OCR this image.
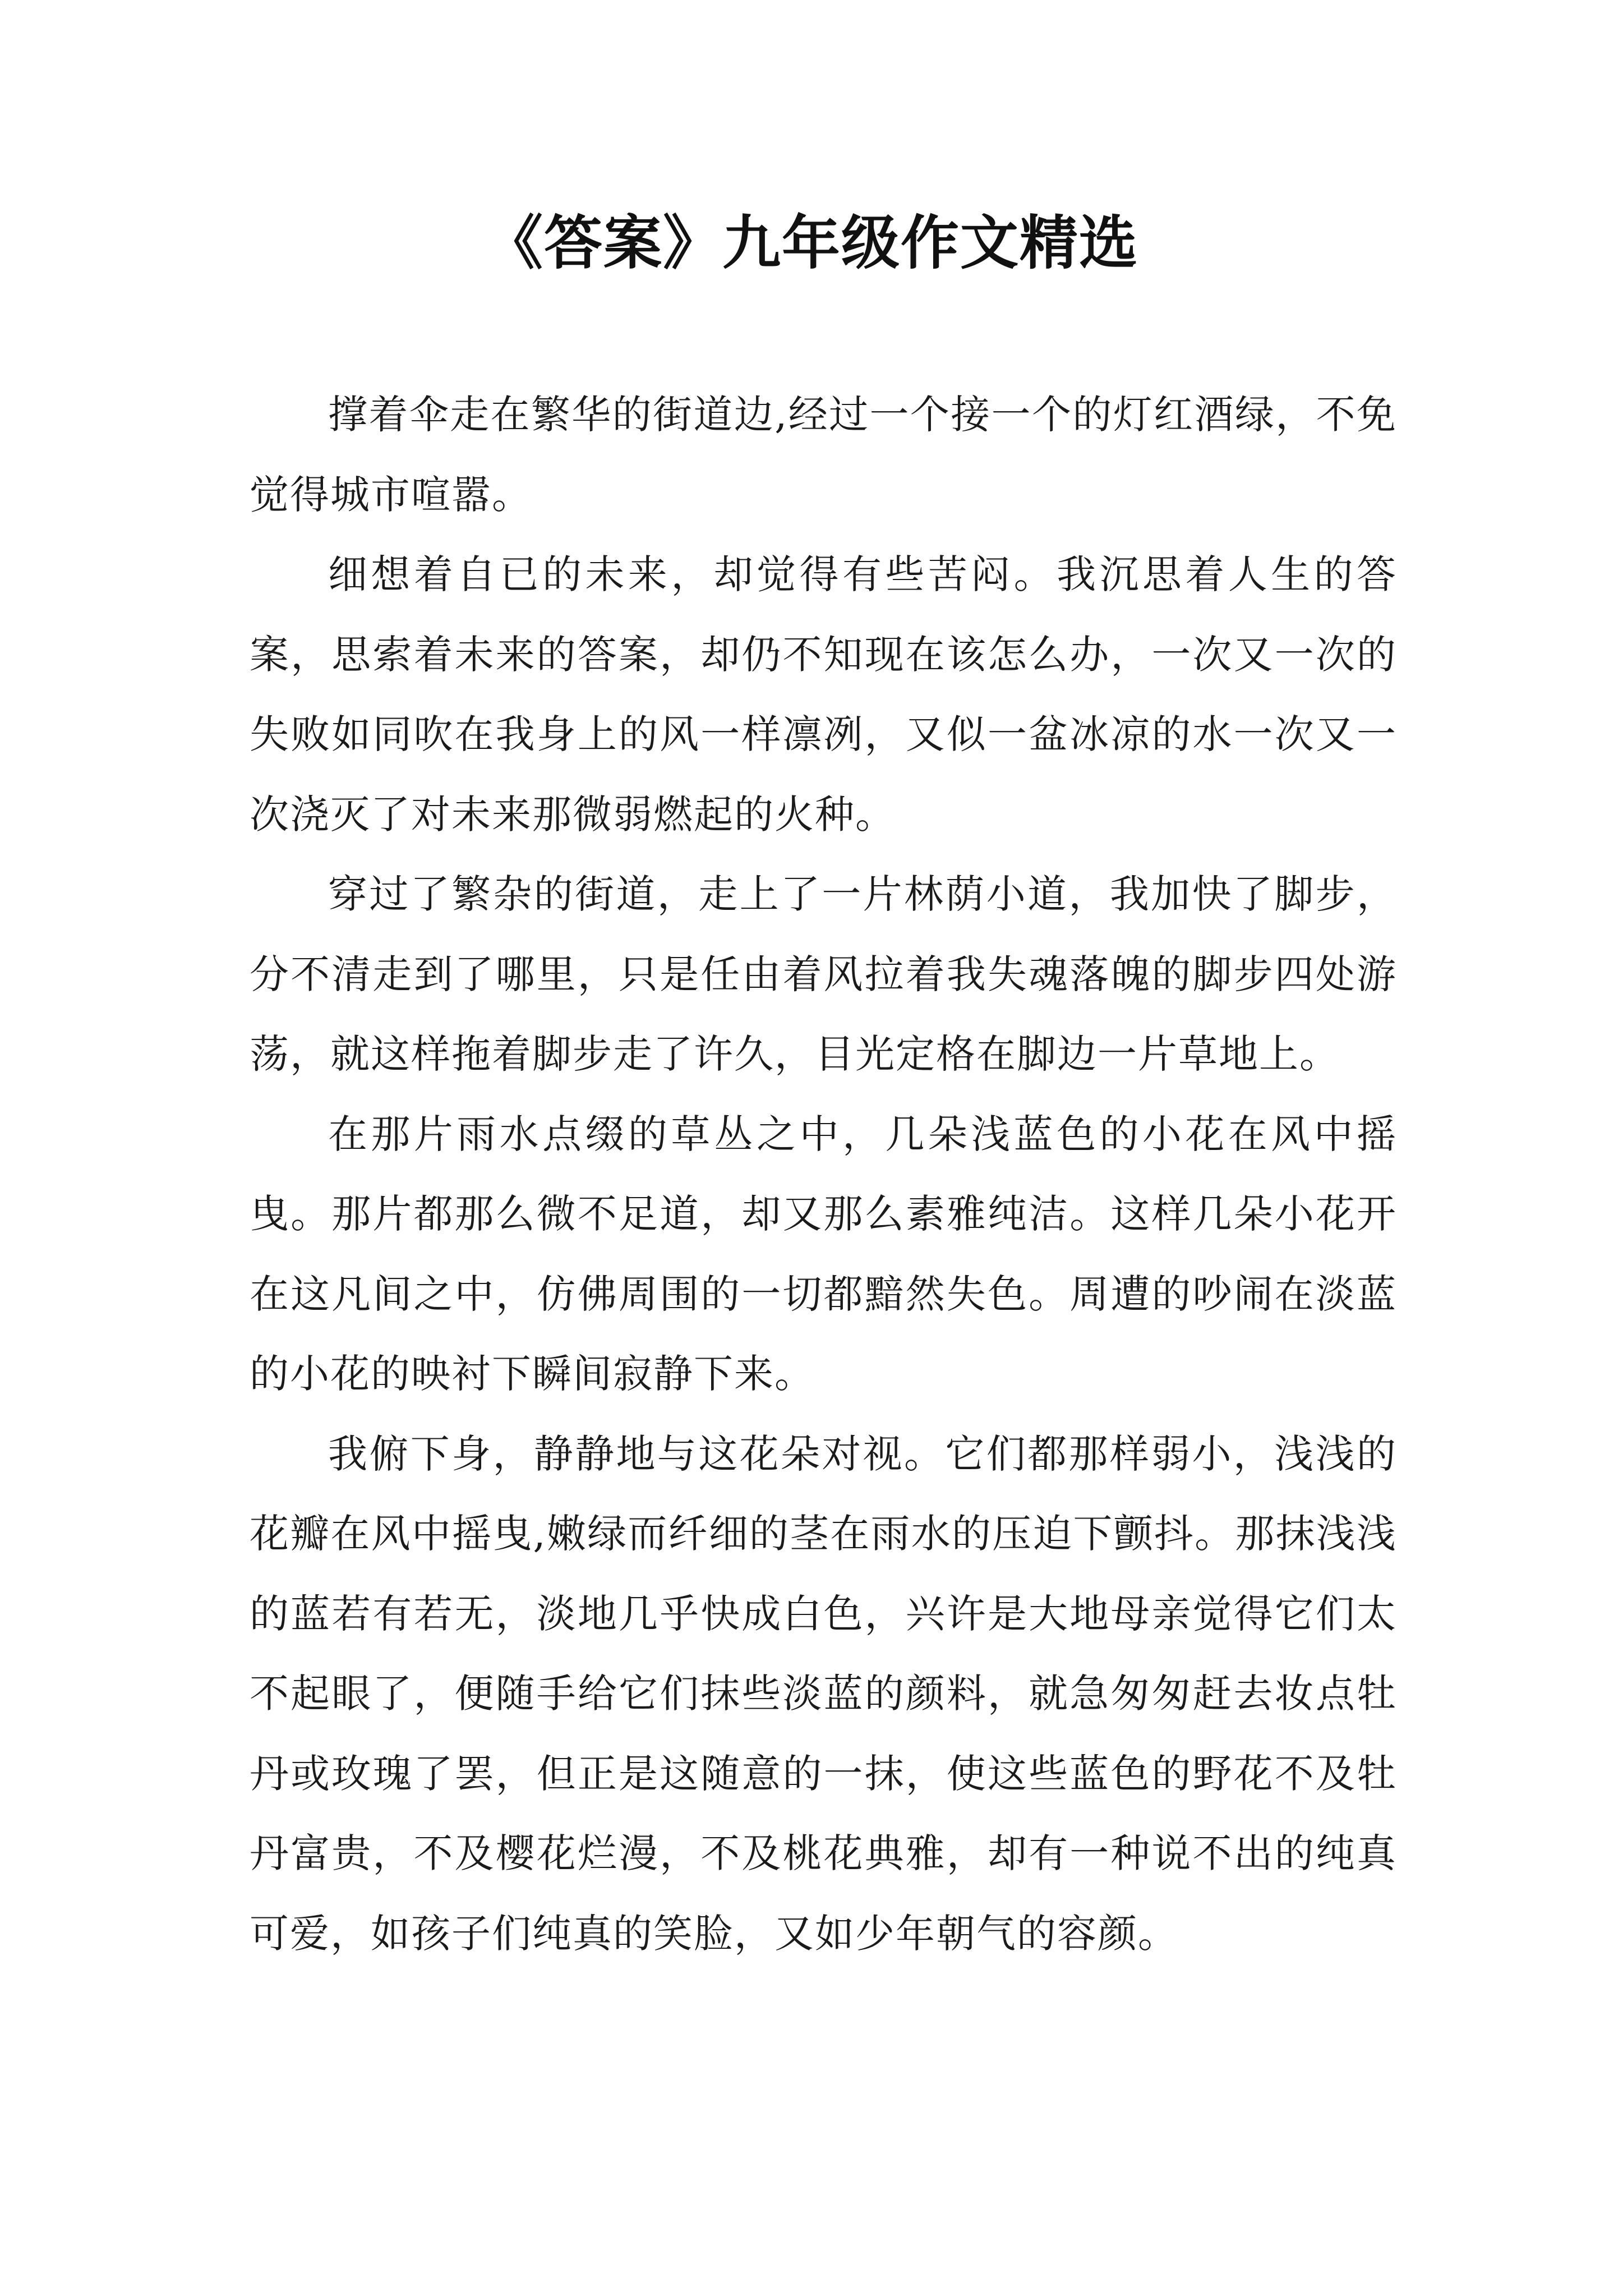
《答案》九年级作文精选

撑着伞走在繁华的街道边,经过一个接一个的灯红酒绿，不免觉得城市喧嚣。

细想着自已的未来，却觉得有些苦闷。我沉思着人生的答案，思索着未来的答案，却仍不知现在该怎么办，一次又一次的失败如同吹在我身上的风一样凛冽，又似一盆冰凉的水一次又一次浇灭了对未来那微弱燃起的火种。

穿过了繁杂的街道，走上了一片林荫小道，我加快了脚步，分不清走到了哪里，只是任由着风拉着我失魂落魄的脚步四处游荡，就这样拖着脚步走了许久，目光定格在脚边一片草地上。

在那片雨水点缀的草丛之中，几朵浅蓝色的小花在风中摇曳。那片都那么微不足道，却又那么素雅纯洁。这样几朵小花开在这凡间之中，仿佛周围的一切都黯然失色。周遭的吵闹在淡蓝的小花的映衬下瞬间寂静下来。

我俯下身，静静地与这花朵对视。它们都那样弱小，浅浅的花瓣在风中摇曳,嫩绿而纤细的茎在雨水的压迫下颤抖。那抹浅浅的蓝若有若无，淡地几乎快成白色，兴许是大地母亲觉得它们太不起眼了，便随手给它们抹些淡蓝的颜料，就急匆匆赶去妆点牡丹或玫瑰了罢，但正是这随意的一抹，使这些蓝色的野花不及牡丹富贵，不及樱花烂漫，不及桃花典雅，却有一种说不出的纯真可爱，如孩子们纯真的笑脸，又如少年朝气的容颜。
